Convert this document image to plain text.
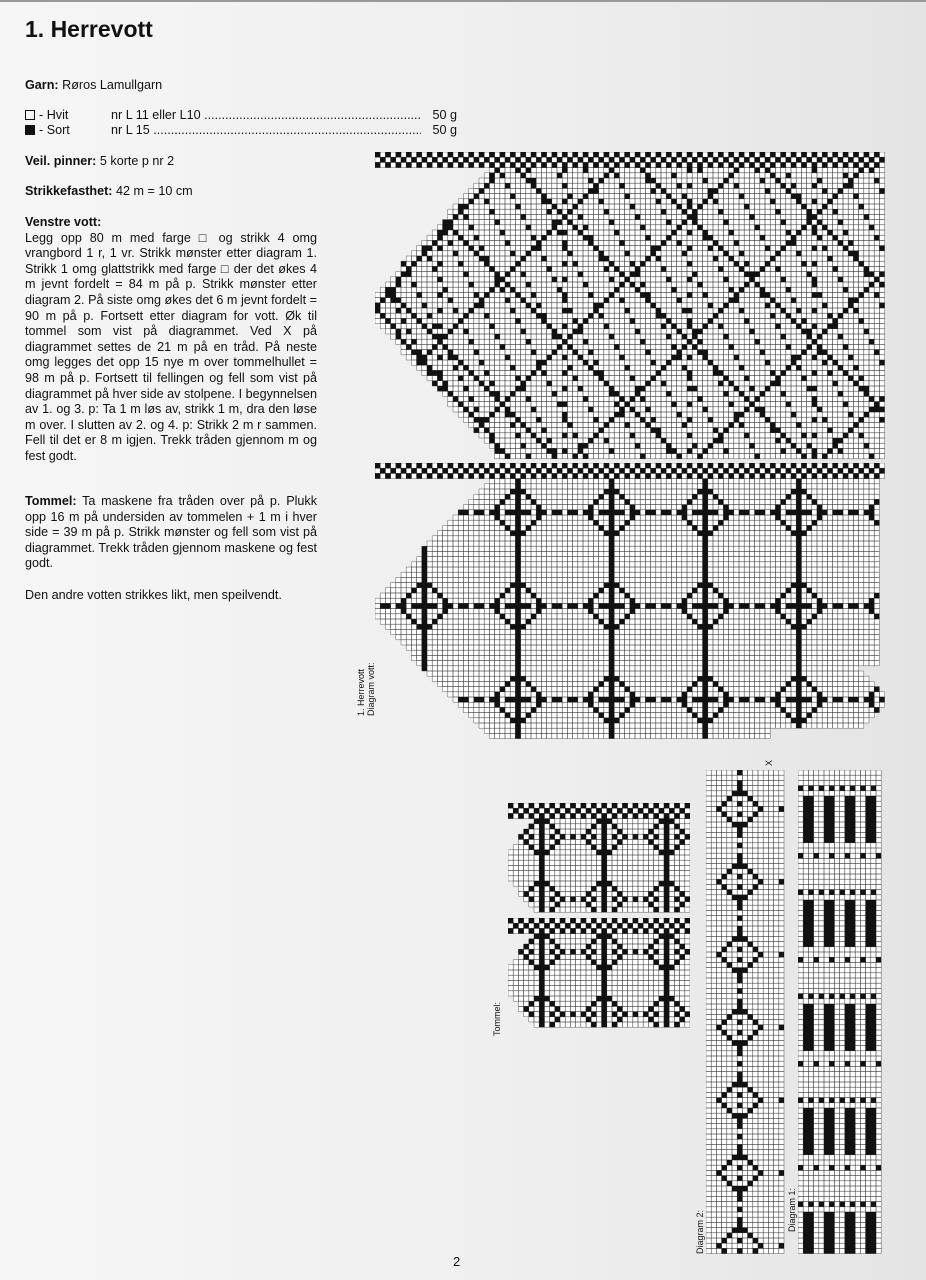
1. Herrevott
Garn: Røros Lamullgarn
- Hvit	nr L 11 eller L10 .....	50 g
- Sort	nr L 15 .....	50 g
Veil. pinner: 5 korte p nr 2
Strikkefasthet: 42 m = 10 cm
Venstre vott:
Legg opp 80 m med farge □ og strikk 4 omg vrangbord 1 r, 1 vr. Strikk mønster etter diagram 1. Strikk 1 omg glattstrikk med farge □ der det økes 4 m jevnt fordelt = 84 m på p. Strikk mønster etter diagram 2. På siste omg økes det 6 m jevnt fordelt = 90 m på p. Fortsett etter diagram for vott. Øk til tommel som vist på diagrammet. Ved X på diagrammet settes de 21 m på en tråd. På neste omg legges det opp 15 nye m over tommelhullet = 98 m på p. Fortsett til fellingen og fell som vist på diagrammet på hver side av stolpene. I begynnelsen av 1. og 3. p: Ta 1 m løs av, strikk 1 m, dra den løse m over. I slutten av 2. og 4. p: Strikk 2 m r sammen. Fell til det er 8 m igjen. Trekk tråden gjennom m og fest godt.
Tommel: Ta maskene fra tråden over på p. Plukk opp 16 m på undersiden av tommelen + 1 m i hver side = 39 m på p. Strikk mønster og fell som vist på diagrammet. Trekk tråden gjennom maskene og fest godt.
Den andre votten strikkes likt, men speilvendt.
1. Herrevott Diagram vott:
Tommel:
Diagram 2:	Diagram 1:
X
2
